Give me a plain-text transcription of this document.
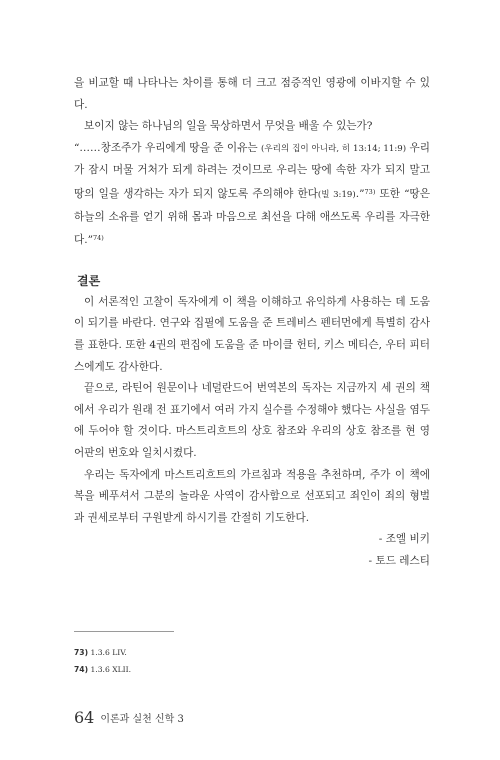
을 비교할 때 나타나는 차이를 통해 더 크고 점증적인 영광에 이바지할 수 있다.

보이지 않는 하나님의 일을 묵상하면서 무엇을 배울 수 있는가?

“……창조주가 우리에게 땅을 준 이유는 (우리의 집이 아니라, 히 13:14; 11:9) 우리가 잠시 머물 거처가 되게 하려는 것이므로 우리는 땅에 속한 자가 되지 말고 땅의 일을 생각하는 자가 되지 않도록 주의해야 한다(빌 3:19).”$^{73)}$ 또한 “땅은 하늘의 소유를 얻기 위해 몸과 마음으로 최선을 다해 애쓰도록 우리를 자극한다.”$^{74)}$

결론

이 서론적인 고찰이 독자에게 이 책을 이해하고 유익하게 사용하는 데 도움이 되기를 바란다. 연구와 집필에 도움을 준 트레비스 펜터먼에게 특별히 감사를 표한다. 또한 4권의 편집에 도움을 준 마이클 헌터, 키스 메티슨, 우터 피터스에게도 감사한다.

끝으로, 라틴어 원문이나 네덜란드어 번역본의 독자는 지금까지 세 권의 책에서 우리가 원래 전 표기에서 여러 가지 실수를 수정해야 했다는 사실을 염두에 두어야 할 것이다. 마스트리흐트의 상호 참조와 우리의 상호 참조를 현 영어판의 번호와 일치시켰다.

우리는 독자에게 마스트리흐트의 가르침과 적용을 추천하며, 주가 이 책에 복을 베푸셔서 그분의 놀라운 사역이 감사함으로 선포되고 죄인이 죄의 형벌과 권세로부터 구원받게 하시기를 간절히 기도한다.

- 조엘 비키

- 토드 레스티

73) 1.3.6 LIV.
74) 1.3.6 XLII.
64 이론과 실천 신학 3
